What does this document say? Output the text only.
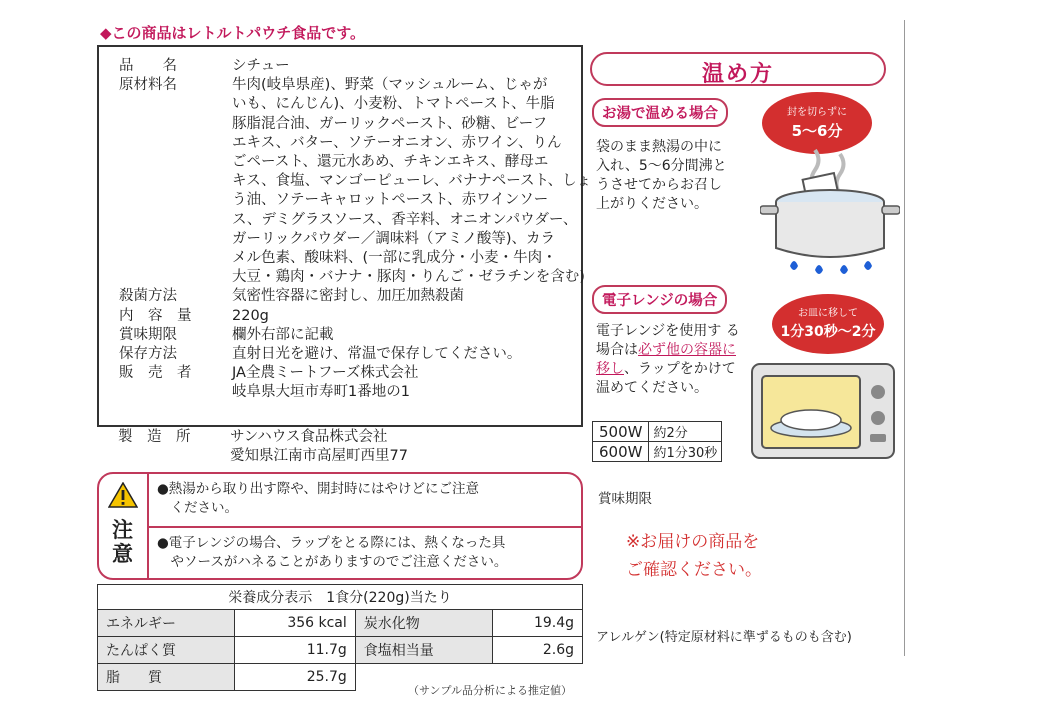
◆この商品はレトルトパウチ食品です。
品　　名	シチュー
原材料名	牛肉(岐阜県産)、野菜（マッシュルーム、じゃが
いも、にんじん)、小麦粉、トマトペースト、牛脂
豚脂混合油、ガーリックペースト、砂糖、ビーフ
エキス、バター、ソテーオニオン、赤ワイン、りん
ごペースト、還元水あめ、チキンエキス、酵母エ
キス、食塩、マンゴーピューレ、バナナペースト、しょ
う油、ソテーキャロットペースト、赤ワインソー
ス、デミグラスソース、香辛料、オニオンパウダー、
ガーリックパウダー／調味料（アミノ酸等)、カラ
メル色素、酸味料、(一部に乳成分・小麦・牛肉・
大豆・鶏肉・バナナ・豚肉・りんご・ゼラチンを含む)
殺菌方法	気密性容器に密封し、加圧加熱殺菌
内　容　量	220g
賞味期限	欄外右部に記載
保存方法	直射日光を避け、常温で保存してください。
販　売　者	JA全農ミートフーズ株式会社
岐阜県大垣市寿町1番地の1
製　造　所	サンハウス食品株式会社
愛知県江南市高屋町西里77
注意
●熱湯から取り出す際や、開封時にはやけどにご注意
　ください。
●電子レンジの場合、ラップをとる際には、熱くなった具
　やソースがハネることがありますのでご注意ください。
栄養成分表示　1食分(220g)当たり			
エネルギー	356 kcal	炭水化物	19.4g
たんぱく質	11.7g	食塩相当量	2.6g
脂　　質	25.7g		
（サンプル品分析による推定値）
温め方
お湯で温める場合
袋のまま熱湯の中に
入れ、5～6分間沸と
うさせてからお召し
上がりください。
封を切らずに
5～6分
電子レンジの場合
電子レンジを使用す る場合は必ず他の容器に移し、ラップをかけて温めてください。
お皿に移して
1分30秒～2分
500W	約2分
600W	約1分30秒
賞味期限
※お届けの商品を
ご確認ください。
アレルゲン(特定原材料に準ずるものも含む)
